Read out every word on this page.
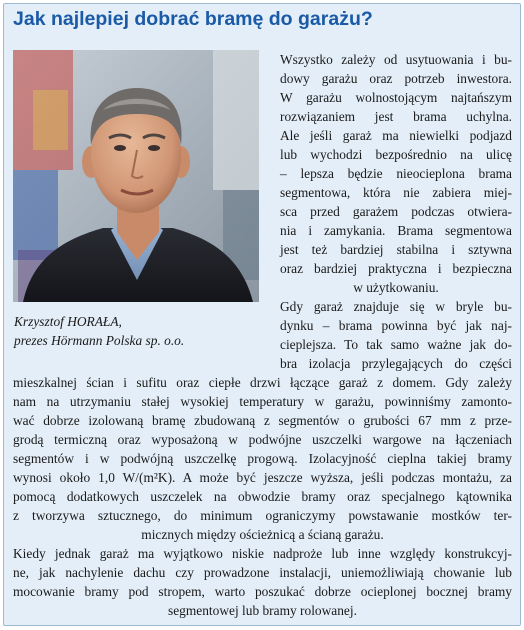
Jak najlepiej dobrać bramę do garażu?
Krzysztof HORAŁA,
prezes Hörmann Polska sp. o.o.

Wszystko zależy od usytuowania i bu-

dowy garażu oraz potrzeb inwestora.

W garażu wolnostojącym najtańszym

rozwiązaniem jest brama uchylna.

Ale jeśli garaż ma niewielki podjazd

lub wychodzi bezpośrednio na ulicę

– lepsza będzie nieocieplona brama

segmentowa, która nie zabiera miej-

sca przed garażem podczas otwiera-

nia i zamykania. Brama segmentowa

jest też bardziej stabilna i sztywna

oraz bardziej praktyczna i bezpieczna

w użytkowaniu.

Gdy garaż znajduje się w bryle bu-

dynku – brama powinna być jak naj-

cieplejsza. To tak samo ważne jak do-

bra izolacja przylegających do części

mieszkalnej ścian i sufitu oraz ciepłe drzwi łączące garaż z domem. Gdy zależy

nam na utrzymaniu stałej wysokiej temperatury w garażu, powinniśmy zamonto-

wać dobrze izolowaną bramę zbudowaną z segmentów o grubości 67 mm z prze-

grodą termiczną oraz wyposażoną w podwójne uszczelki wargowe na łączeniach

segmentów i w podwójną uszczelkę progową. Izolacyjność cieplna takiej bramy

wynosi około 1,0 W/(m²K). A może być jeszcze wyższa, jeśli podczas montażu, za

pomocą dodatkowych uszczelek na obwodzie bramy oraz specjalnego kątownika

z tworzywa sztucznego, do minimum ograniczymy powstawanie mostków ter-

micznych między ościeżnicą a ścianą garażu.

Kiedy jednak garaż ma wyjątkowo niskie nadproże lub inne względy konstrukcyj-

ne, jak nachylenie dachu czy prowadzone instalacji, uniemożliwiają chowanie lub

mocowanie bramy pod stropem, warto poszukać dobrze ocieplonej bocznej bramy

segmentowej lub bramy rolowanej.
